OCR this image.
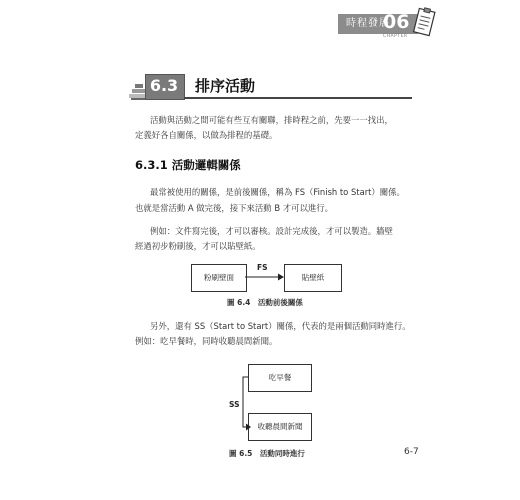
時程發展
06
CHAPTER
6.3 排序活動
活動與活動之間可能有些互有關聯，排時程之前，先要一一找出，
定義好各自關係，以做為排程的基礎。
6.3.1 活動邏輯關係
最常被使用的關係，是前後關係，稱為 FS（Finish to Start）關係。
也就是當活動 A 做完後，接下來活動 B 才可以進行。
例如：文件寫完後，才可以審核。設計完成後，才可以製造。牆壁
經過初步粉刷後，才可以貼壁紙。
粉刷壁面	貼壁紙
FS
圖 6.4　活動前後關係
另外，還有 SS（Start to Start）關係，代表的是兩個活動同時進行。
例如：吃早餐時，同時收聽晨間新聞。
吃早餐
收聽晨間新聞
SS
圖 6.5　活動同時進行	6-7
